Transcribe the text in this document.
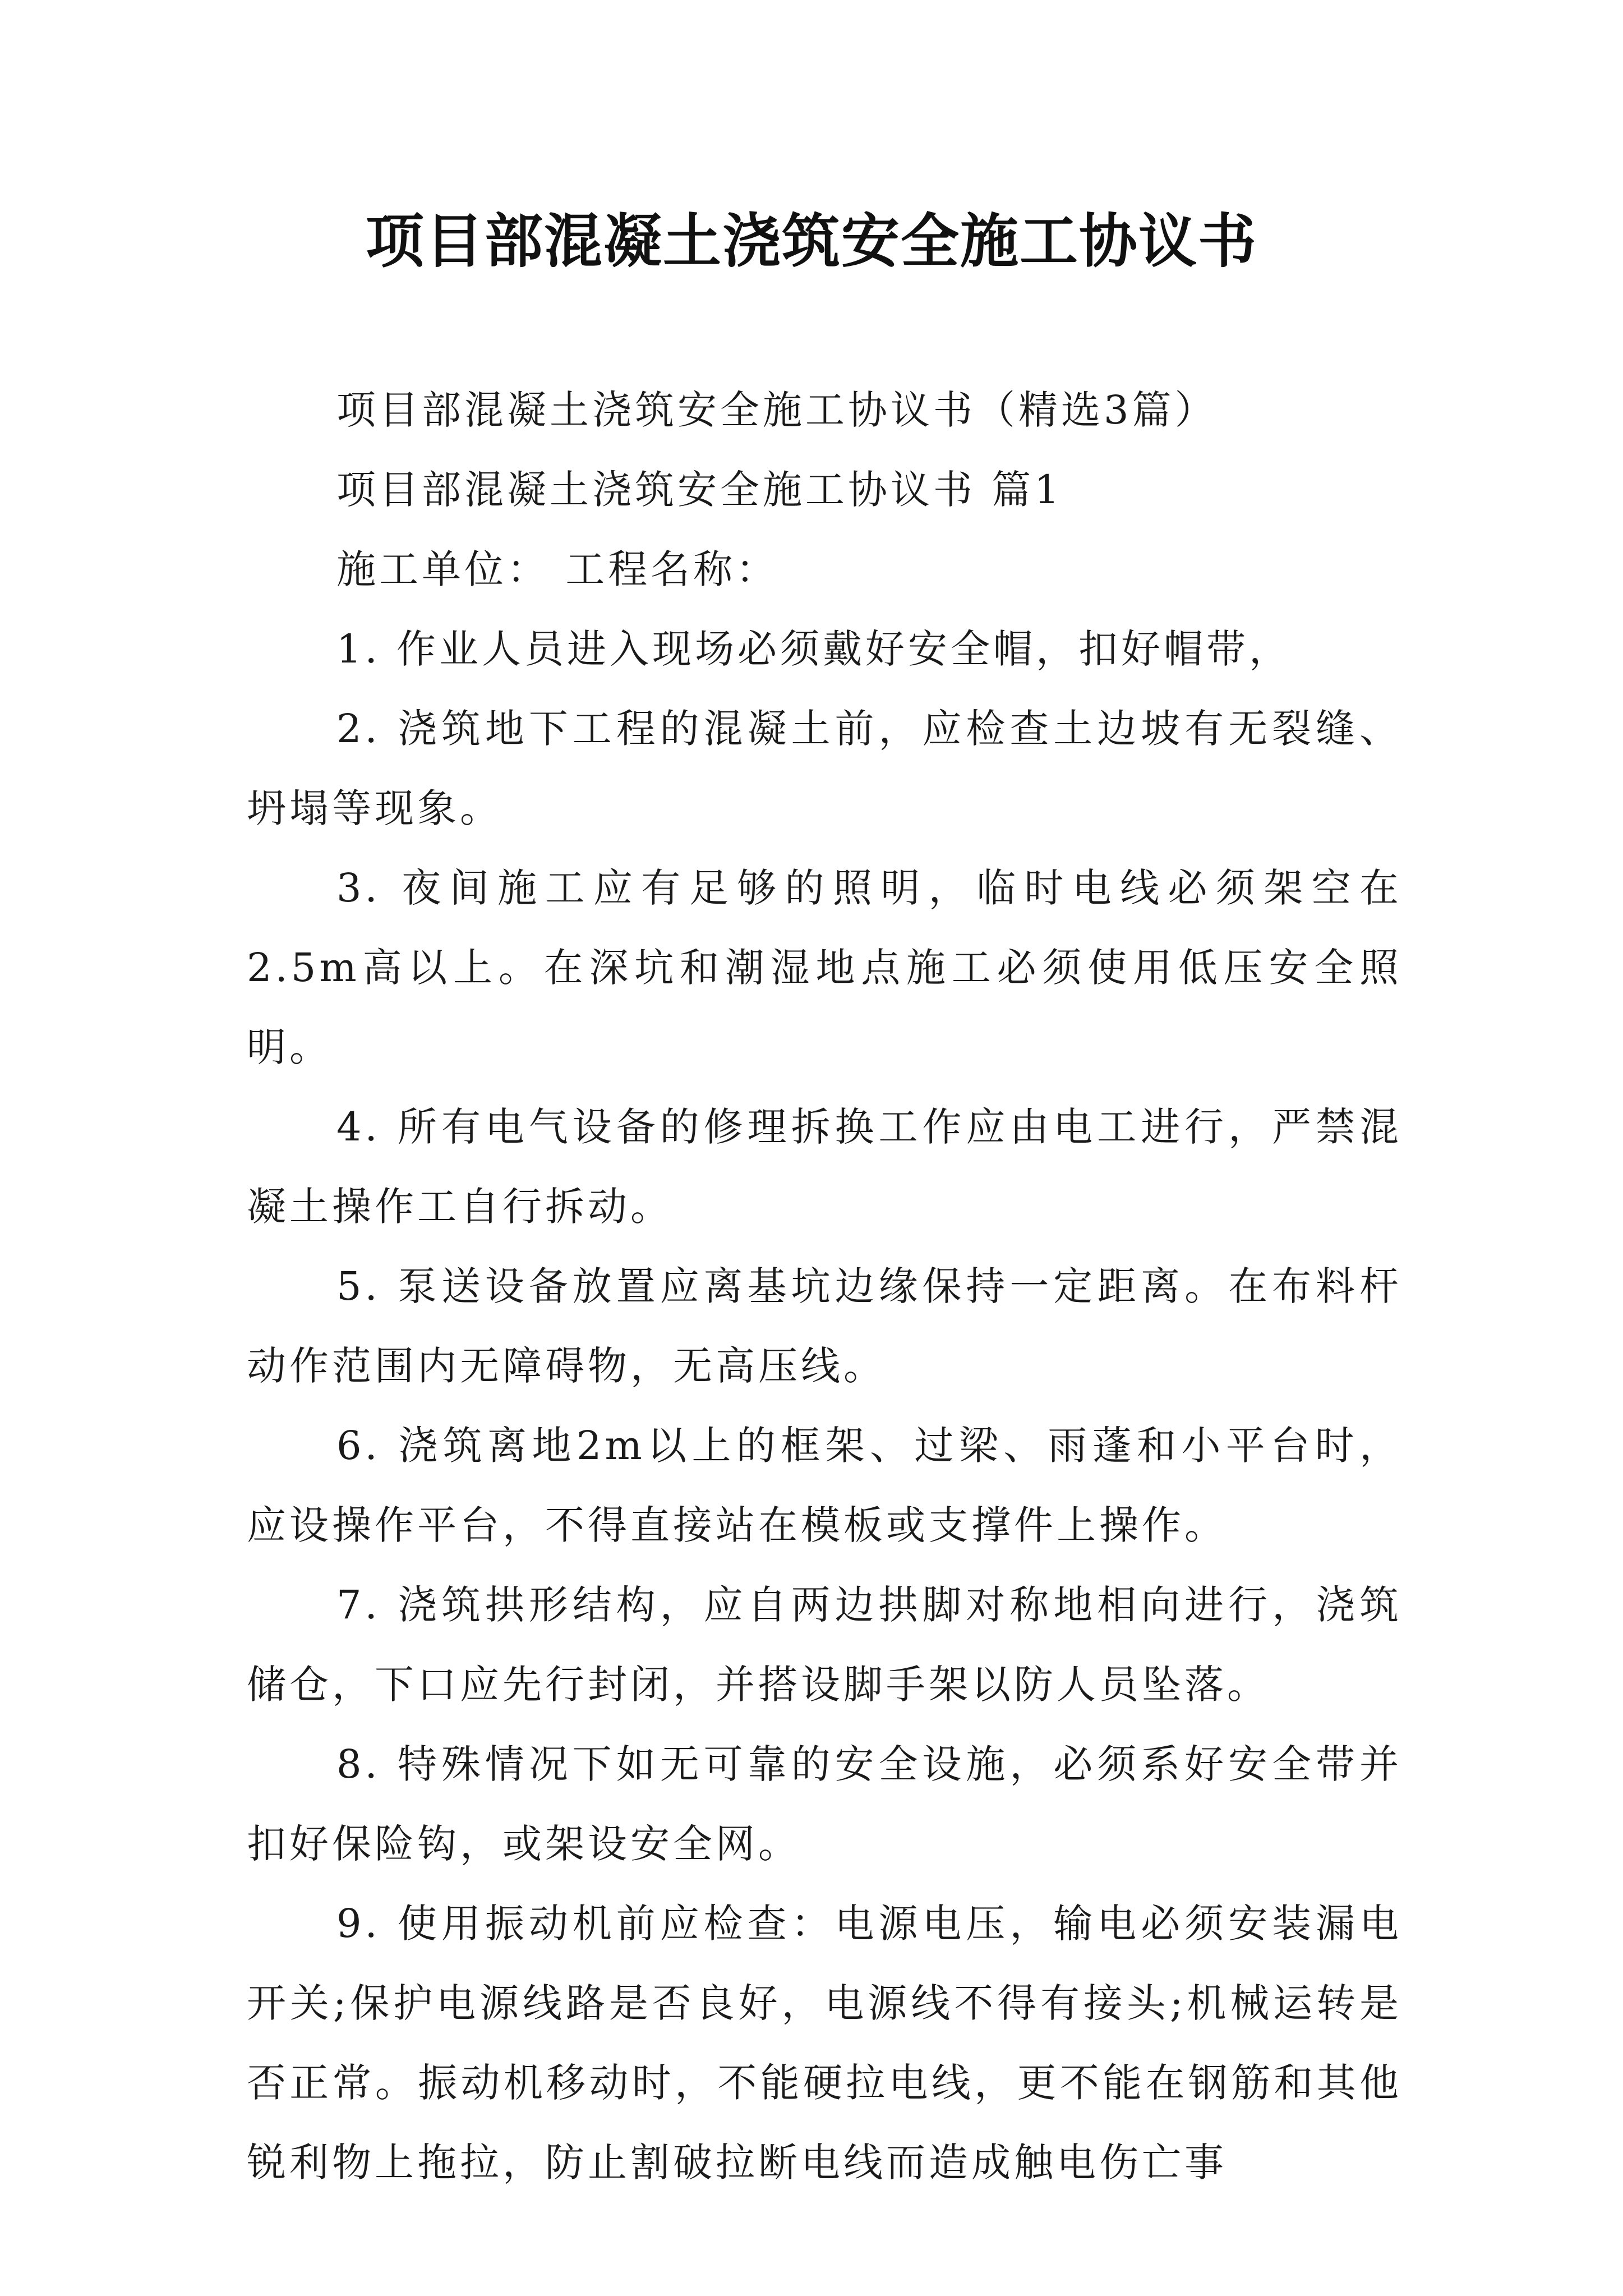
项目部混凝土浇筑安全施工协议书

项目部混凝土浇筑安全施工协议书（精选3篇）

项目部混凝土浇筑安全施工协议书 篇1

施工单位： 工程名称：

1. 作业人员进入现场必须戴好安全帽，扣好帽带，

2. 浇筑地下工程的混凝土前，应检查土边坡有无裂缝、坍塌等现象。

3. 夜间施工应有足够的照明，临时电线必须架空在2.5m高以上。在深坑和潮湿地点施工必须使用低压安全照明。

4. 所有电气设备的修理拆换工作应由电工进行，严禁混凝土操作工自行拆动。

5. 泵送设备放置应离基坑边缘保持一定距离。在布料杆动作范围内无障碍物，无高压线。

6. 浇筑离地2m以上的框架、过梁、雨蓬和小平台时，应设操作平台，不得直接站在模板或支撑件上操作。

7. 浇筑拱形结构，应自两边拱脚对称地相向进行，浇筑储仓，下口应先行封闭，并搭设脚手架以防人员坠落。

8. 特殊情况下如无可靠的安全设施，必须系好安全带并扣好保险钩，或架设安全网。

9. 使用振动机前应检查：电源电压，输电必须安装漏电开关;保护电源线路是否良好，电源线不得有接头;机械运转是否正常。振动机移动时，不能硬拉电线，更不能在钢筋和其他锐利物上拖拉，防止割破拉断电线而造成触电伤亡事
